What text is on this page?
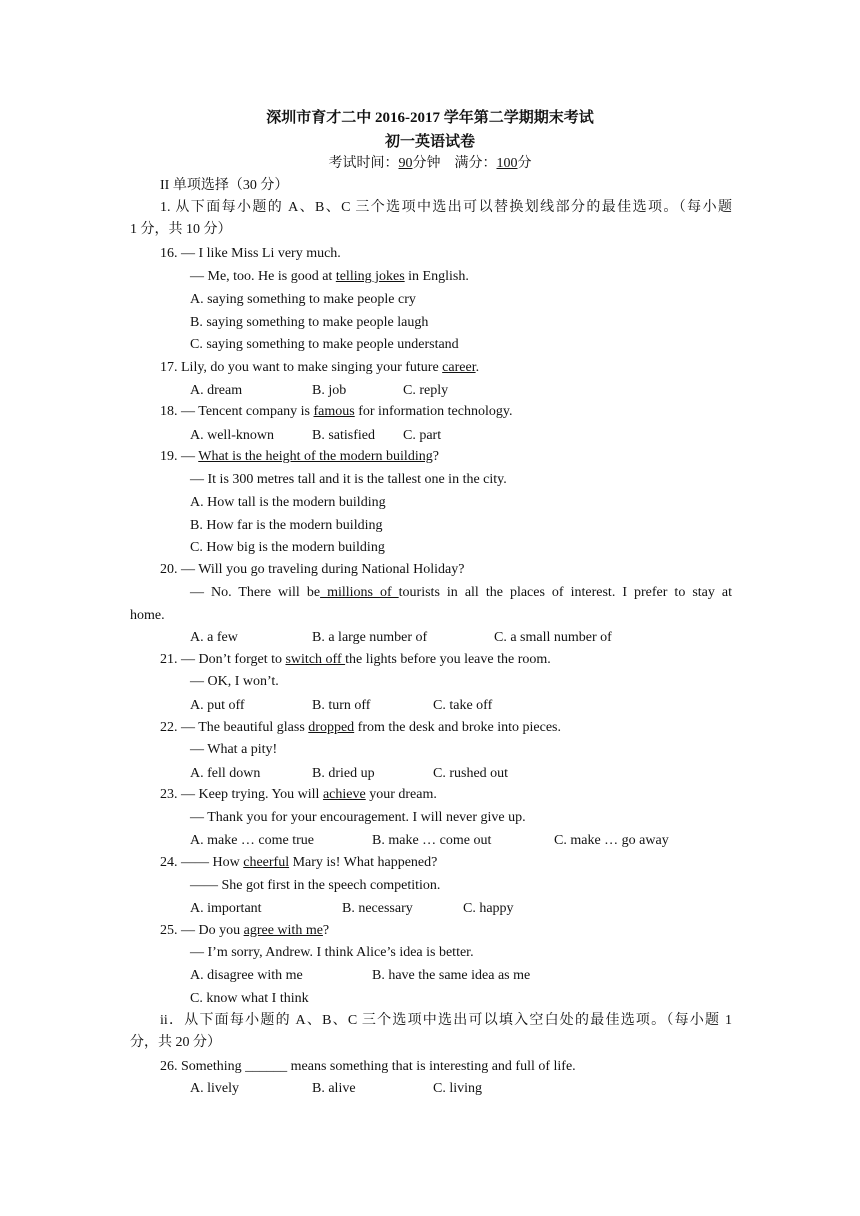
深圳市育才二中 2016-2017 学年第二学期期末考试
初一英语试卷
考试时间：90分钟 满分：100分
II 单项选择（30 分）
1. 从下面每小题的 A、B、C 三个选项中选出可以替换划线部分的最佳选项。（每小题
1 分，共 10 分）
16. — I like Miss Li very much.
— Me, too. He is good at telling jokes in English.
A. saying something to make people cry
B. saying something to make people laugh
C. saying something to make people understand
17. Lily, do you want to make singing your future career.
A. dream	B. job	C. reply
18. — Tencent company is famous for information technology.
A. well-known	B. satisfied C. part
19. — What is the height of the modern building?
— It is 300 metres tall and it is the tallest one in the city.
A. How tall is the modern building
B. How far is the modern building
C. How big is the modern building
20. — Will you go traveling during National Holiday?
— No. There will be millions of tourists in all the places of interest. I prefer to stay at
home.
A. a few	B. a large number of	C. a small number of
21. — Don’t forget to switch off the lights before you leave the room.
— OK, I won’t.
A. put off	B. turn off	C. take off
22. — The beautiful glass dropped from the desk and broke into pieces.
— What a pity!
A. fell down	B. dried up	C. rushed out
23. — Keep trying. You will achieve your dream.
— Thank you for your encouragement. I will never give up.
A. make … come true	B. make … come out	C. make … go away
24. —— How cheerful Mary is! What happened?
—— She got first in the speech competition.
A. important	B. necessary	C. happy
25. — Do you agree with me?
— I’m sorry, Andrew. I think Alice’s idea is better.
A. disagree with me	B. have the same idea as me
C. know what I think
ii．从下面每小题的 A、B、C 三个选项中选出可以填入空白处的最佳选项。（每小题 1
分，共 20 分）
26. Something ______ means something that is interesting and full of life.
A. lively	B. alive	C. living
